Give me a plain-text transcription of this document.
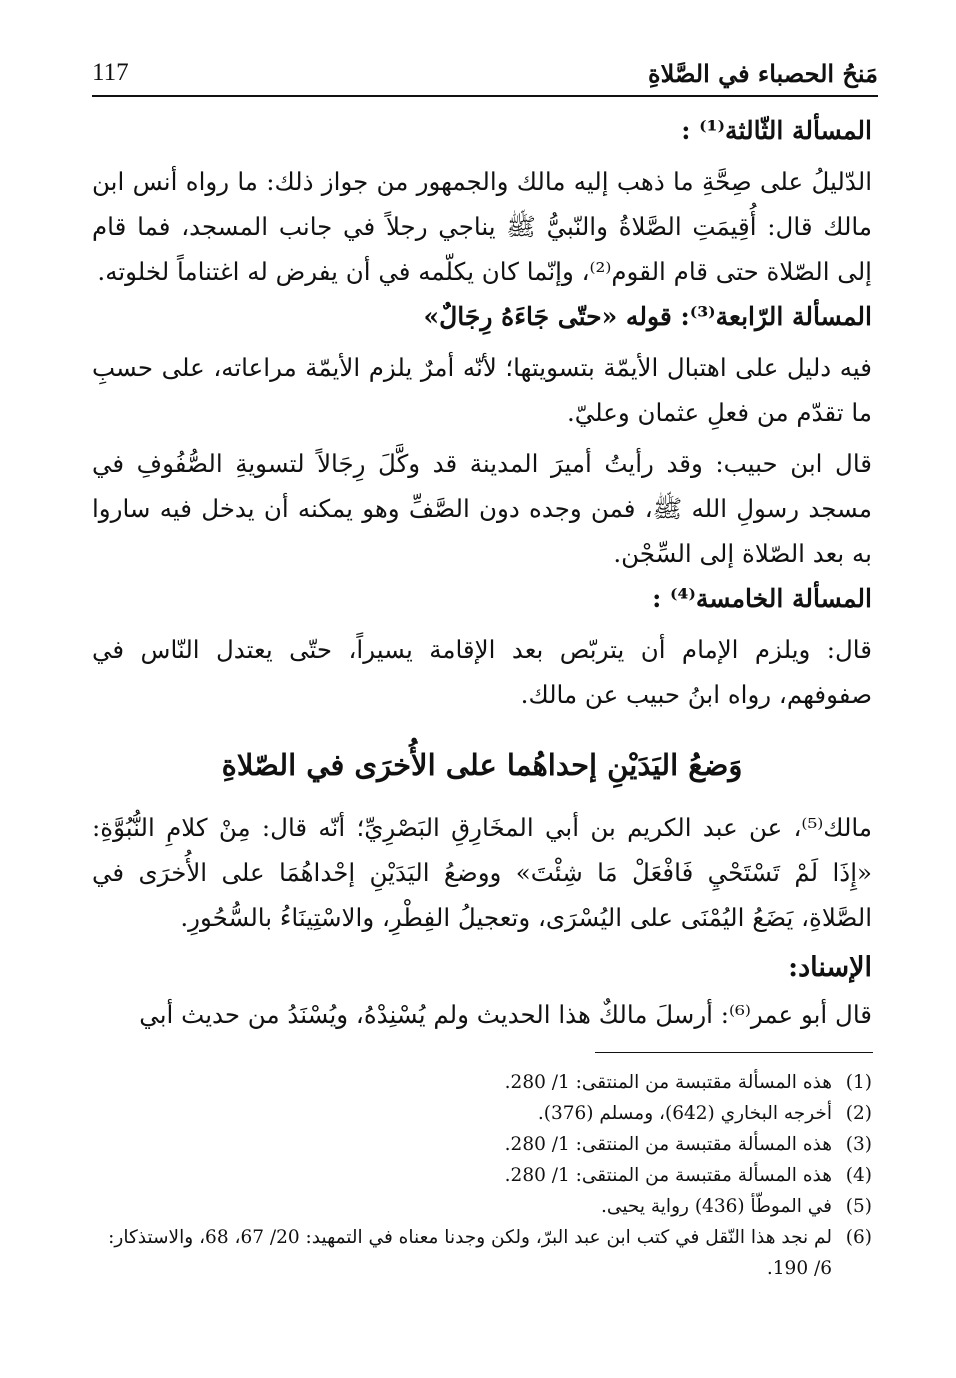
مَنحُ الحصباء في الصَّلاةِ
117
المسألة الثّالثة⁽¹⁾ :
الدّليلُ على صِحَّةِ ما ذهب إليه مالك والجمهور من جواز ذلك: ما رواه أنس ابن مالك قال: أُقِيمَتِ الصَّلاةُ والنّبيُّ ﷺ يناجي رجلاً في جانب المسجد، فما قام إلى الصّلاة حتى قام القوم⁽²⁾، وإنّما كان يكلّمه في أن يفرض له اغتناماً لخلوته.
المسألة الرّابعة⁽³⁾: قوله «حتّى جَاءَهُ رِجَالٌ»
فيه دليل على اهتبال الأيمّة بتسويتها؛ لأنّه أمرٌ يلزم الأيمّة مراعاته، على حسبِ ما تقدّم من فعلِ عثمان وعليّ.
قال ابن حبيب: وقد رأيتُ أميرَ المدينة قد وكَّلَ رِجَالاً لتسويةِ الصُّفُوفِ في مسجد رسولِ الله ﷺ، فمن وجده دون الصَّفِّ وهو يمكنه أن يدخل فيه ساروا به بعد الصّلاة إلى السِّجْن.
المسألة الخامسة⁽⁴⁾ :
قال: ويلزم الإمام أن يتربّص بعد الإقامة يسيراً، حتّى يعتدل النّاس في صفوفهم، رواه ابنُ حبيب عن مالك.
وَضعُ اليَدَيْنِ إحداهُما على الأُخرَى في الصّلاةِ
مالك⁽⁵⁾، عن عبد الكريم بن أبي المخَارِقِ البَصْرِيِّ؛ أنّه قال: مِنْ كلامِ النُّبُوَّةِ: «إِذَا لَمْ تَسْتَحْيِ فَافْعَلْ مَا شِئْتَ» ووضعُ اليَدَيْنِ إحْداهُمَا على الأُخرَى في الصَّلاةِ، يَضَعُ اليُمْنَى على اليُسْرَى، وتعجيلُ الفِطْرِ، والاسْتِينَاءُ بالسُّحُورِ.
الإسناد:
قال أبو عمر⁽⁶⁾: أرسلَ مالكٌ هذا الحديث ولم يُسْنِدْهُ، ويُسْنَدُ من حديث أبي
(1)
هذه المسألة مقتبسة من المنتقى: 1/ 280.
(2)
أخرجه البخاري (642)، ومسلم (376).
(3)
هذه المسألة مقتبسة من المنتقى: 1/ 280.
(4)
هذه المسألة مقتبسة من المنتقى: 1/ 280.
(5)
في الموطّأ (436) رواية يحيى.
(6)
لم نجد هذا النّقل في كتب ابن عبد البرّ، ولكن وجدنا معناه في التمهيد: 20/ 67، 68، والاستذكار:
6/ 190.
